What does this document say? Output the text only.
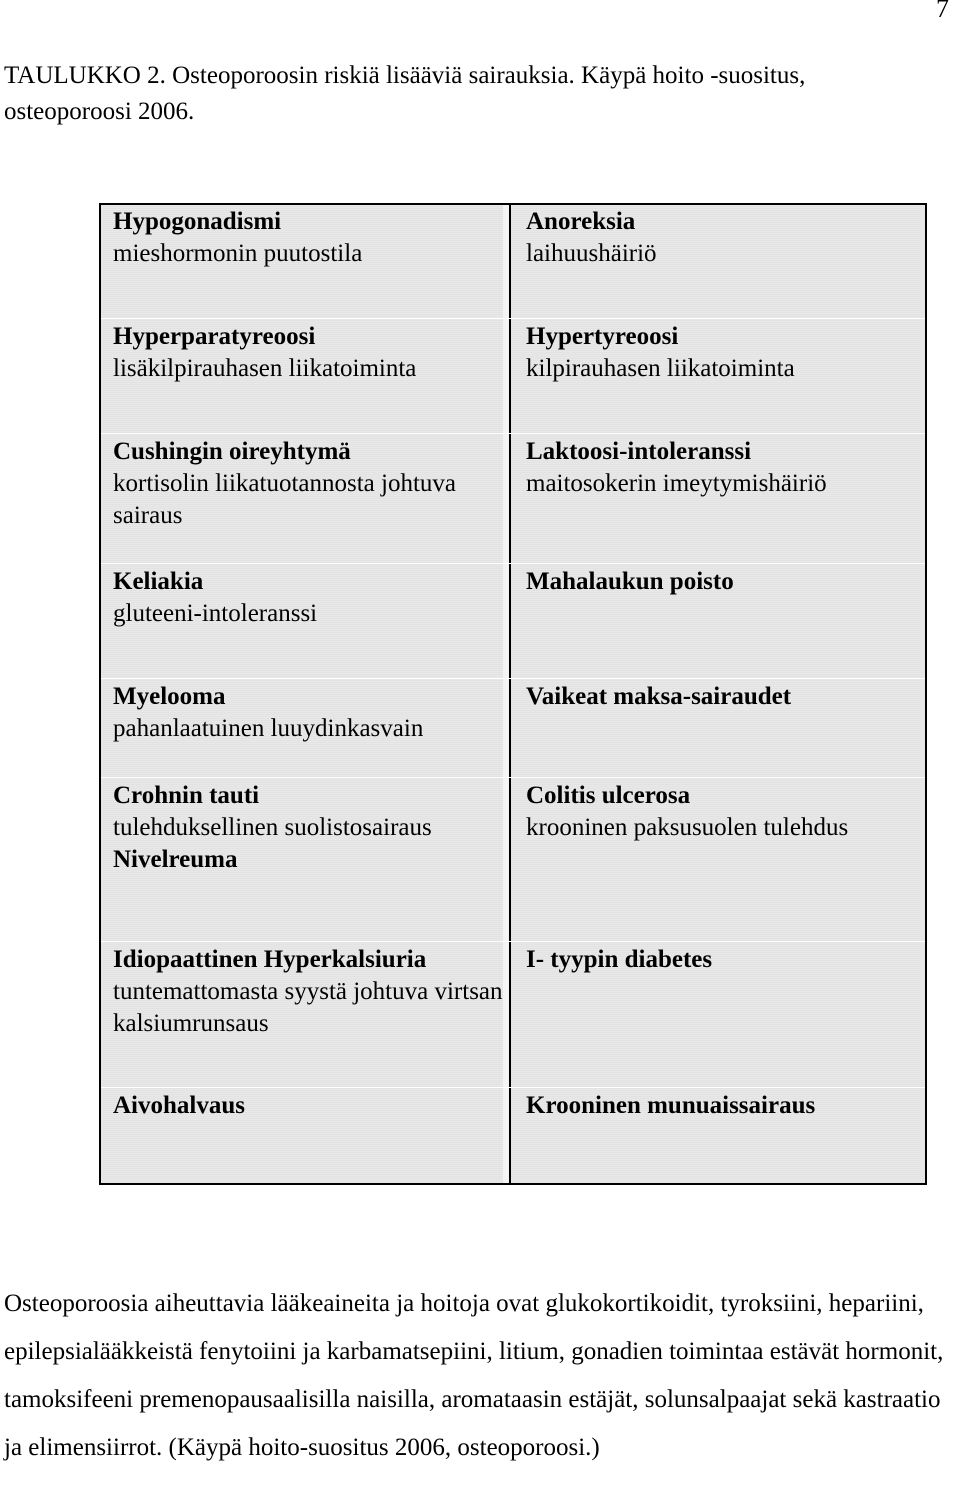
7
TAULUKKO 2. Osteoporoosin riskiä lisääviä sairauksia. Käypä hoito -suositus, osteoporoosi 2006.
Hypogonadismi
mieshormonin puutostila
Hyperparatyreoosi
lisäkilpirauhasen liikatoiminta
Cushingin oireyhtymä
kortisolin liikatuotannosta johtuva sairaus
Keliakia
gluteeni-intoleranssi
Myelooma
pahanlaatuinen luuydinkasvain
Crohnin tauti
tulehduksellinen suolistosairaus
Nivelreuma
Idiopaattinen Hyperkalsiuria
tuntemattomasta syystä johtuva virtsan kalsiumrunsaus
Aivohalvaus
Anoreksia
laihuushäiriö
Hypertyreoosi
kilpirauhasen liikatoiminta
Laktoosi-intoleranssi
maitosokerin imeytymishäiriö
Mahalaukun poisto
Vaikeat maksa-sairaudet
Colitis ulcerosa
krooninen paksusuolen tulehdus
I- tyypin diabetes
Krooninen munuaissairaus
Osteoporoosia aiheuttavia lääkeaineita ja hoitoja ovat glukokortikoidit, tyroksiini, hepariini, epilepsialääkkeistä fenytoiini ja karbamatsepiini, litium, gonadien toimintaa estävät hormonit, tamoksifeeni premenopausaalisilla naisilla, aromataasin estäjät, solunsalpaajat sekä kastraatio ja elimensiirrot. (Käypä hoito-suositus 2006, osteoporoosi.)
